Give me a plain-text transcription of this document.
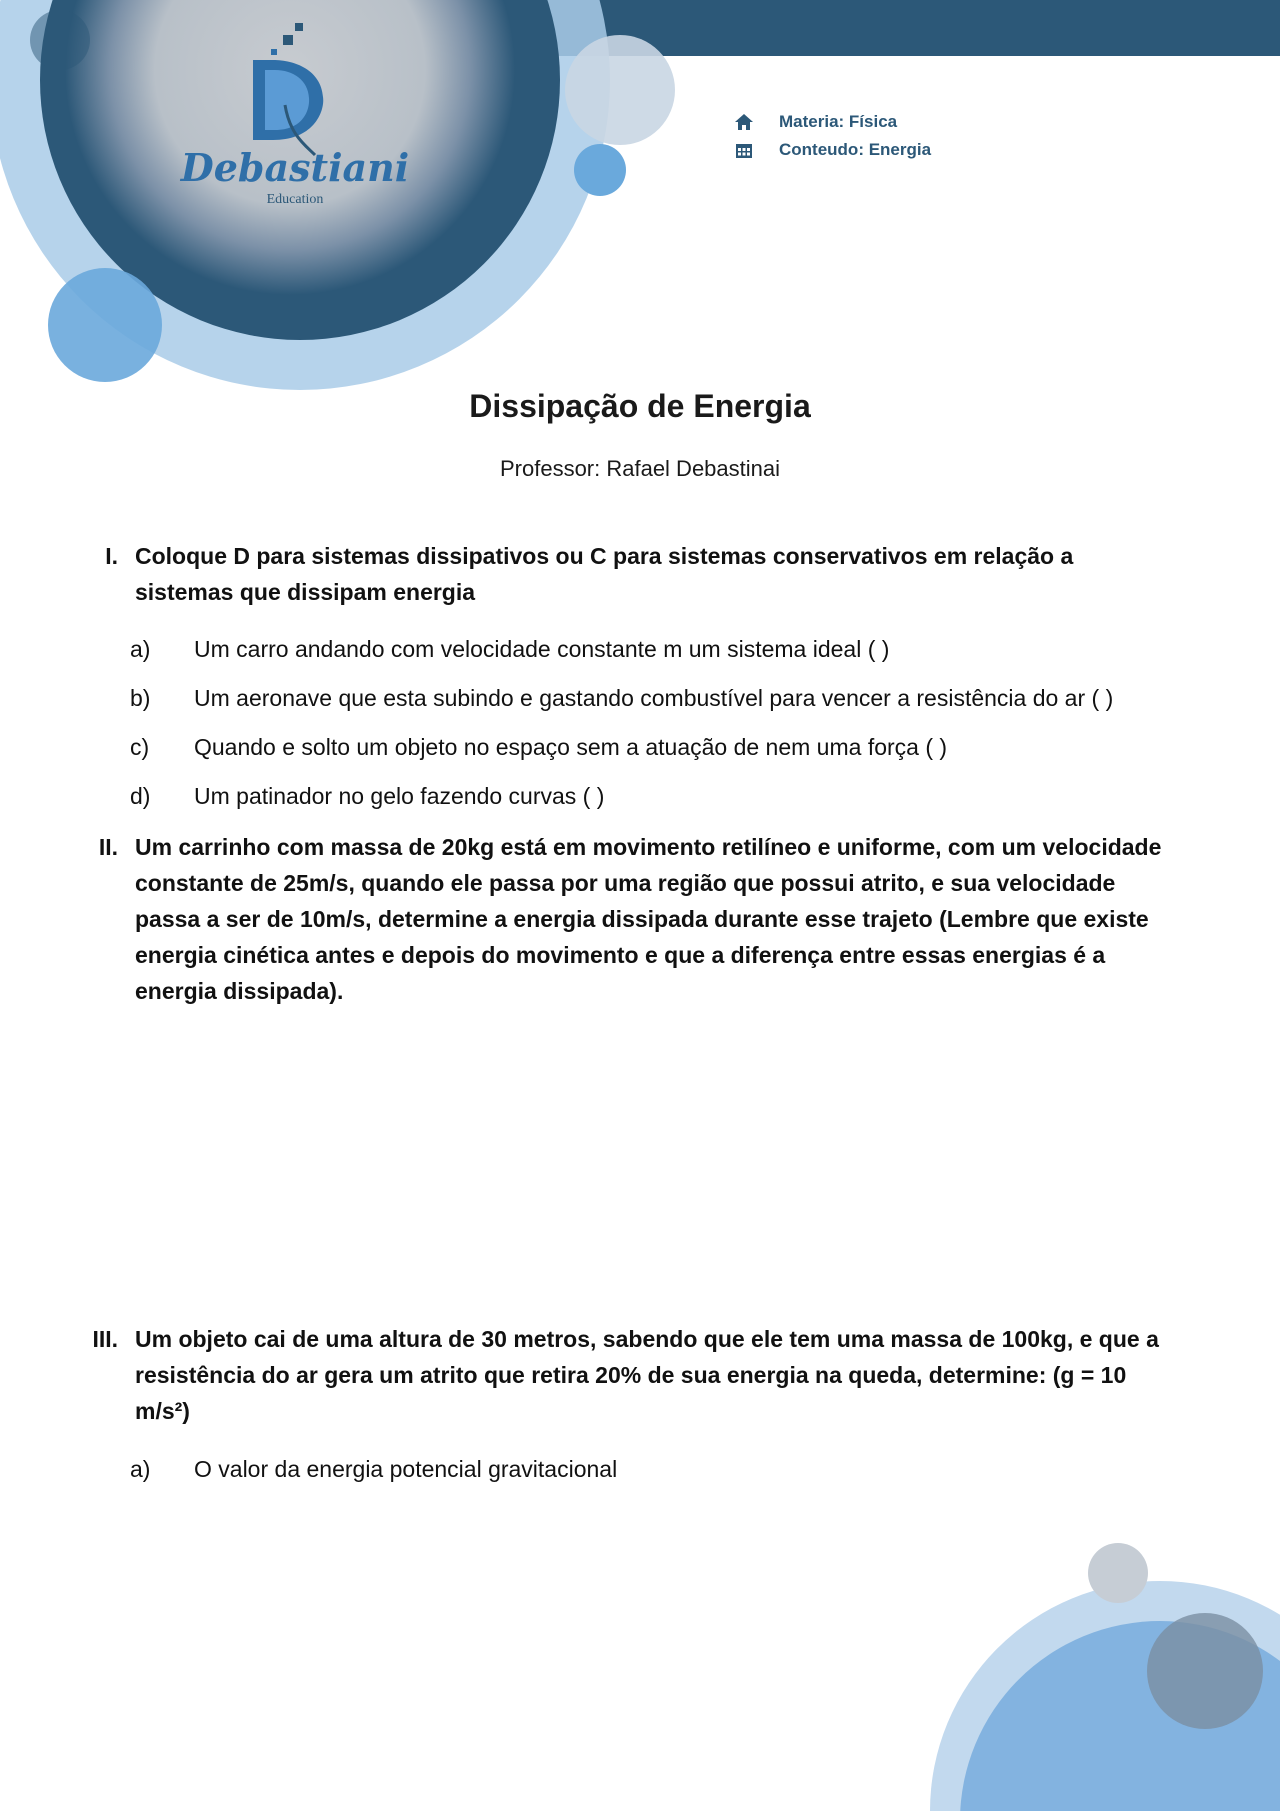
Debastiani
Education
Materia: Física
Conteudo: Energia
Dissipação de Energia
Professor: Rafael Debastinai
I. Coloque D para sistemas dissipativos ou C para sistemas conservativos em relação a sistemas que dissipam energia
a) Um carro andando com velocidade constante m um sistema ideal ( )
b) Um aeronave que esta subindo e gastando combustível para vencer a resistência do ar ( )
c) Quando e solto um objeto no espaço sem a atuação de nem uma força ( )
d) Um patinador no gelo fazendo curvas ( )
II. Um carrinho com massa de 20kg está em movimento retilíneo e uniforme, com um velocidade constante de 25m/s, quando ele passa por uma região que possui atrito, e sua velocidade passa a ser de 10m/s, determine a energia dissipada durante esse trajeto (Lembre que existe energia cinética antes e depois do movimento e que a diferença entre essas energias é a energia dissipada).
III. Um objeto cai de uma altura de 30 metros, sabendo que ele tem uma massa de 100kg, e que a resistência do ar gera um atrito que retira 20% de sua energia na queda, determine: (g = 10 m/s²)
a) O valor da energia potencial gravitacional
